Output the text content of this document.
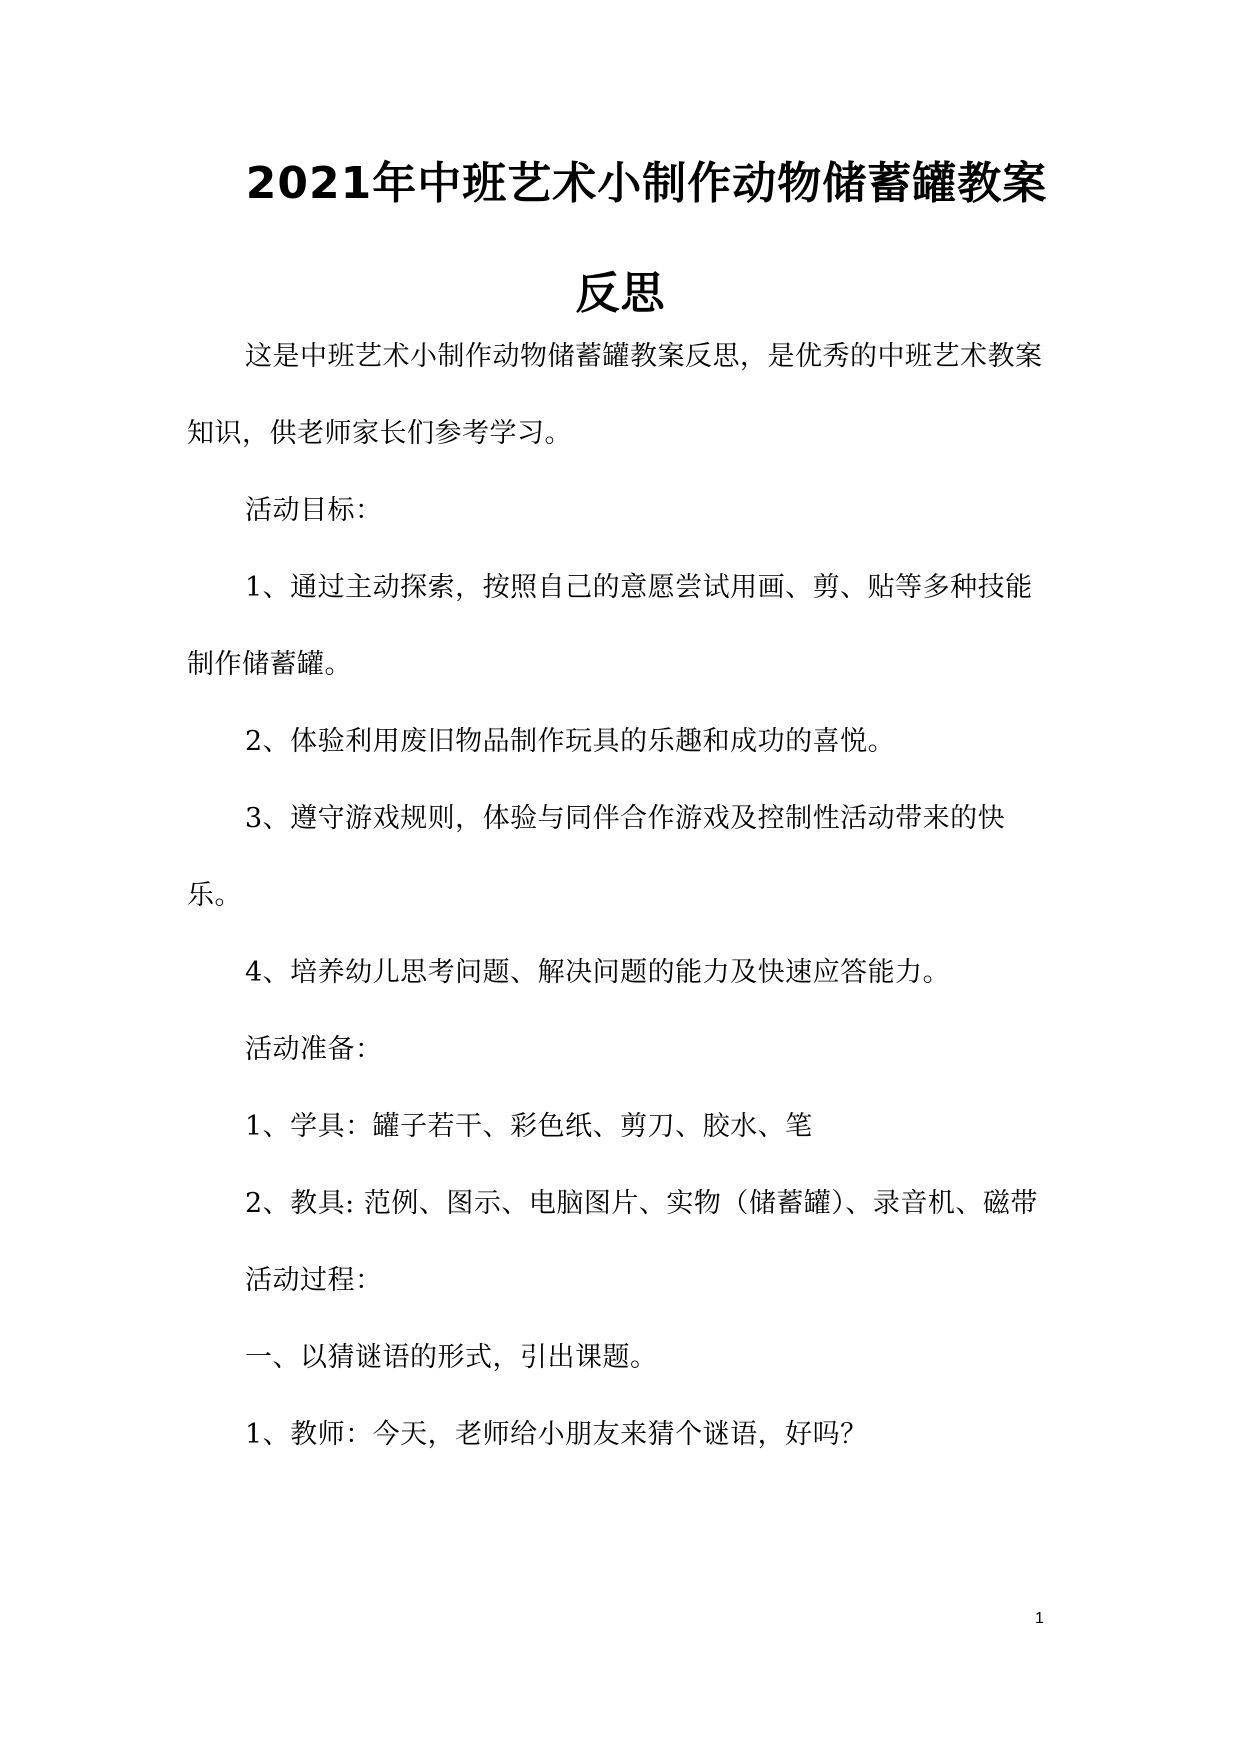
2021年中班艺术小制作动物储蓄罐教案
反思

这是中班艺术小制作动物储蓄罐教案反思，是优秀的中班艺术教案知识，供老师家长们参考学习。

活动目标：

1、通过主动探索，按照自己的意愿尝试用画、剪、贴等多种技能制作储蓄罐。

2、体验利用废旧物品制作玩具的乐趣和成功的喜悦。

3、遵守游戏规则，体验与同伴合作游戏及控制性活动带来的快乐。

4、培养幼儿思考问题、解决问题的能力及快速应答能力。

活动准备：

1、学具：罐子若干、彩色纸、剪刀、胶水、笔

2、教具: 范例、图示、电脑图片、实物（储蓄罐）、录音机、磁带

活动过程：

一、以猜谜语的形式，引出课题。

1、教师：今天，老师给小朋友来猜个谜语，好吗？

1
